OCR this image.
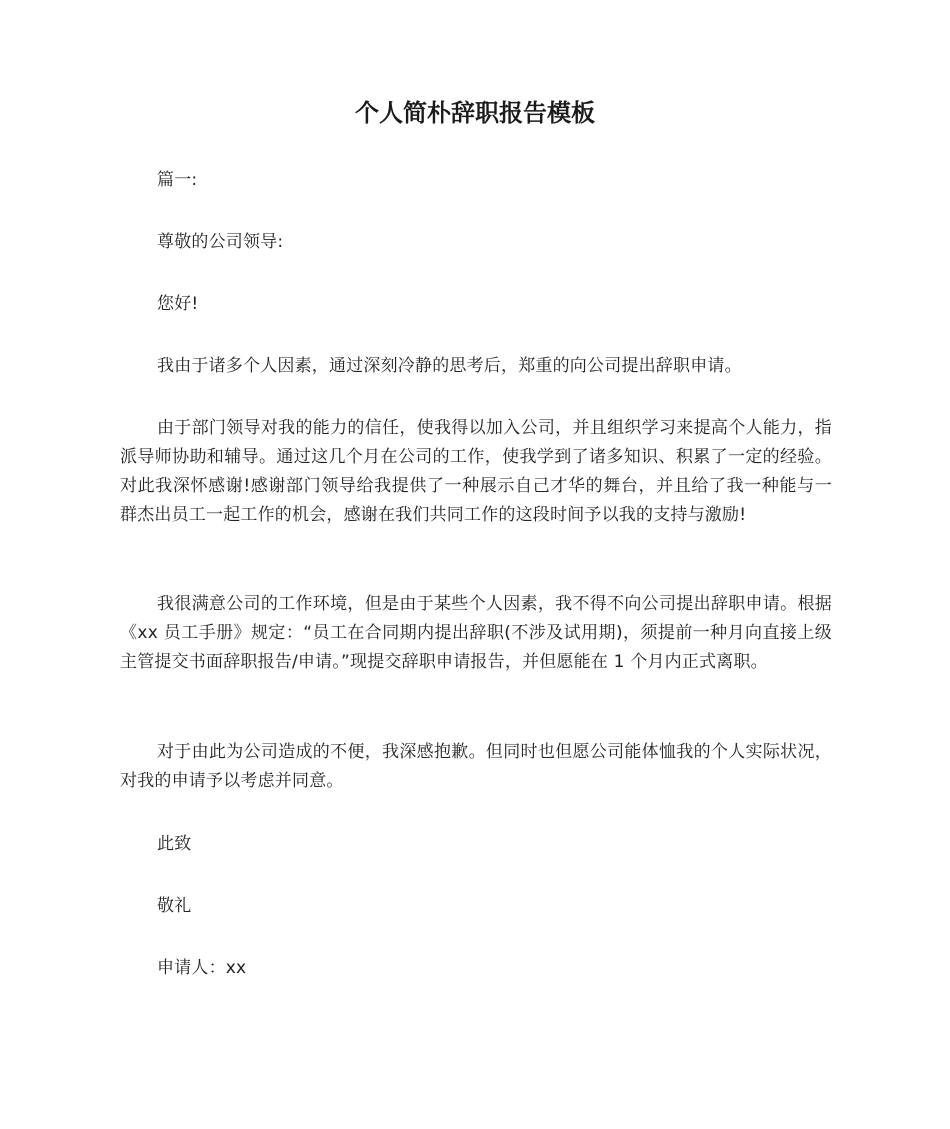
个人简朴辞职报告模板

篇一:

尊敬的公司领导:

您好!

我由于诸多个人因素，通过深刻冷静的思考后，郑重的向公司提出辞职申请。

由于部门领导对我的能力的信任，使我得以加入公司，并且组织学习来提高个人能力，指派导师协助和辅导。通过这几个月在公司的工作，使我学到了诸多知识、积累了一定的经验。对此我深怀感谢!感谢部门领导给我提供了一种展示自己才华的舞台，并且给了我一种能与一群杰出员工一起工作的机会，感谢在我们共同工作的这段时间予以我的支持与激励!

我很满意公司的工作环境，但是由于某些个人因素，我不得不向公司提出辞职申请。根据《xx 员工手册》规定：“员工在合同期内提出辞职(不涉及试用期)，须提前一种月向直接上级主管提交书面辞职报告/申请。”现提交辞职申请报告，并但愿能在 1 个月内正式离职。

对于由此为公司造成的不便，我深感抱歉。但同时也但愿公司能体恤我的个人实际状况，对我的申请予以考虑并同意。

此致

敬礼

申请人：xx
